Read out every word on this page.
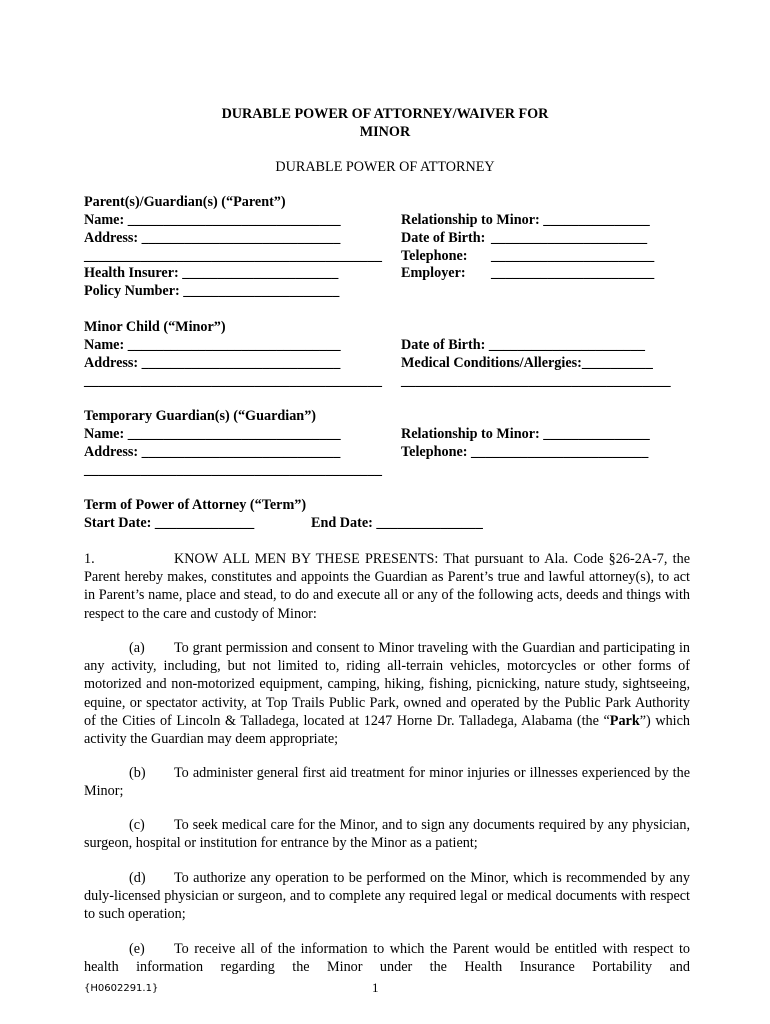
DURABLE POWER OF ATTORNEY/WAIVER FOR
MINOR
DURABLE POWER OF ATTORNEY
Parent(s)/Guardian(s) (“Parent”)
Name: ______________________________
Address: ____________________________
__________________________________________
Health Insurer: ______________________
Policy Number: ______________________
Relationship to Minor: _______________
Date of Birth: ______________________
Telephone: _______________________
Employer: _______________________
Minor Child (“Minor”)
Name: ______________________________
Address: ____________________________
__________________________________________
Date of Birth: ______________________
Medical Conditions/Allergies:__________
______________________________________
Temporary Guardian(s) (“Guardian”)
Name: ______________________________
Address: ____________________________
__________________________________________
Relationship to Minor: _______________
Telephone: _________________________
Term of Power of Attorney (“Term”)
Start Date: ______________	End Date: _______________
1.	KNOW ALL MEN BY THESE PRESENTS: That pursuant to Ala. Code §26-2A-7, the Parent hereby makes, constitutes and appoints the Guardian as Parent’s true and lawful attorney(s), to act in Parent’s name, place and stead, to do and execute all or any of the following acts, deeds and things with respect to the care and custody of Minor:
(a) To grant permission and consent to Minor traveling with the Guardian and participating in any activity, including, but not limited to, riding all-terrain vehicles, motorcycles or other forms of motorized and non-motorized equipment, camping, hiking, fishing, picnicking, nature study, sightseeing, equine, or spectator activity, at Top Trails Public Park, owned and operated by the Public Park Authority of the Cities of Lincoln & Talladega, located at 1247 Horne Dr. Talladega, Alabama (the “Park”) which activity the Guardian may deem appropriate;
(b) To administer general first aid treatment for minor injuries or illnesses experienced by the Minor;
(c) To seek medical care for the Minor, and to sign any documents required by any physician, surgeon, hospital or institution for entrance by the Minor as a patient;
(d) To authorize any operation to be performed on the Minor, which is recommended by any duly-licensed physician or surgeon, and to complete any required legal or medical documents with respect to such operation;
(e) To receive all of the information to which the Parent would be entitled with respect to health information regarding the Minor under the Health Insurance Portability and
{H0602291.1}	1
